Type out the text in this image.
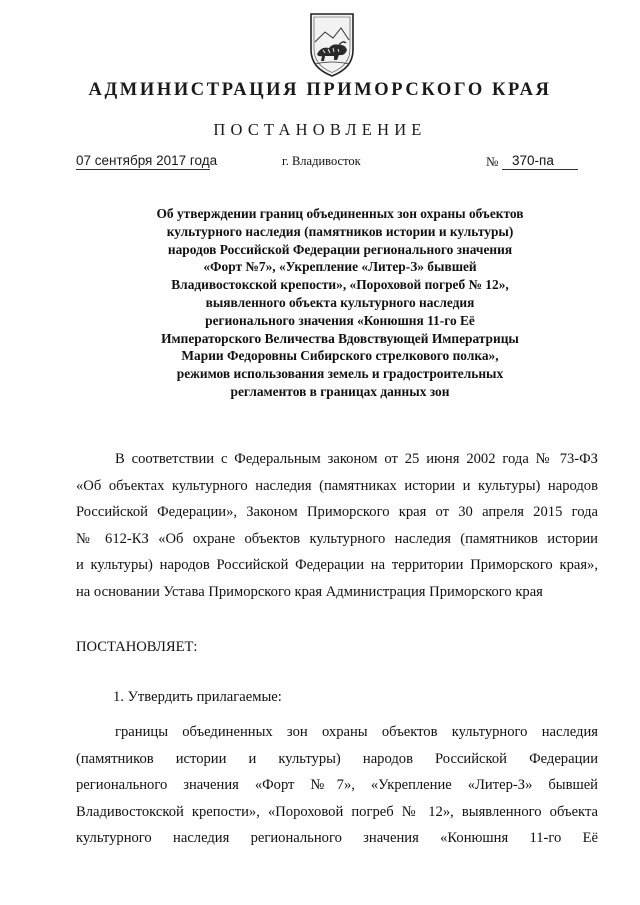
АДМИНИСТРАЦИЯ ПРИМОРСКОГО КРАЯ
ПОСТАНОВЛЕНИЕ
07 сентября 2017 года	г. Владивосток	№	370-па
Об утверждении границ объединенных зон охраны объектов
культурного наследия (памятников истории и культуры)
народов Российской Федерации регионального значения
«Форт №7», «Укрепление «Литер-З» бывшей
Владивостокской крепости», «Пороховой погреб № 12»,
выявленного объекта культурного наследия
регионального значения «Конюшня 11-го Её
Императорского Величества Вдовствующей Императрицы
Марии Федоровны Сибирского стрелкового полка»,
режимов использования земель и градостроительных
регламентов в границах данных зон
В соответствии с Федеральным законом от 25 июня 2002 года № 73-ФЗ
«Об объектах культурного наследия (памятниках истории и культуры) народов
Российской Федерации», Законом Приморского края от 30 апреля 2015 года
№ 612-КЗ «Об охране объектов культурного наследия (памятников истории
и культуры) народов Российской Федерации на территории Приморского края»,
на основании Устава Приморского края Администрация Приморского края
ПОСТАНОВЛЯЕТ:
1. Утвердить прилагаемые:
границы объединенных зон охраны объектов культурного наследия
(памятников истории и культуры) народов Российской Федерации
регионального значения «Форт №7», «Укрепление «Литер-З» бывшей
Владивостокской крепости», «Пороховой погреб № 12», выявленного объекта
культурного наследия регионального значения «Конюшня 11-го Её
